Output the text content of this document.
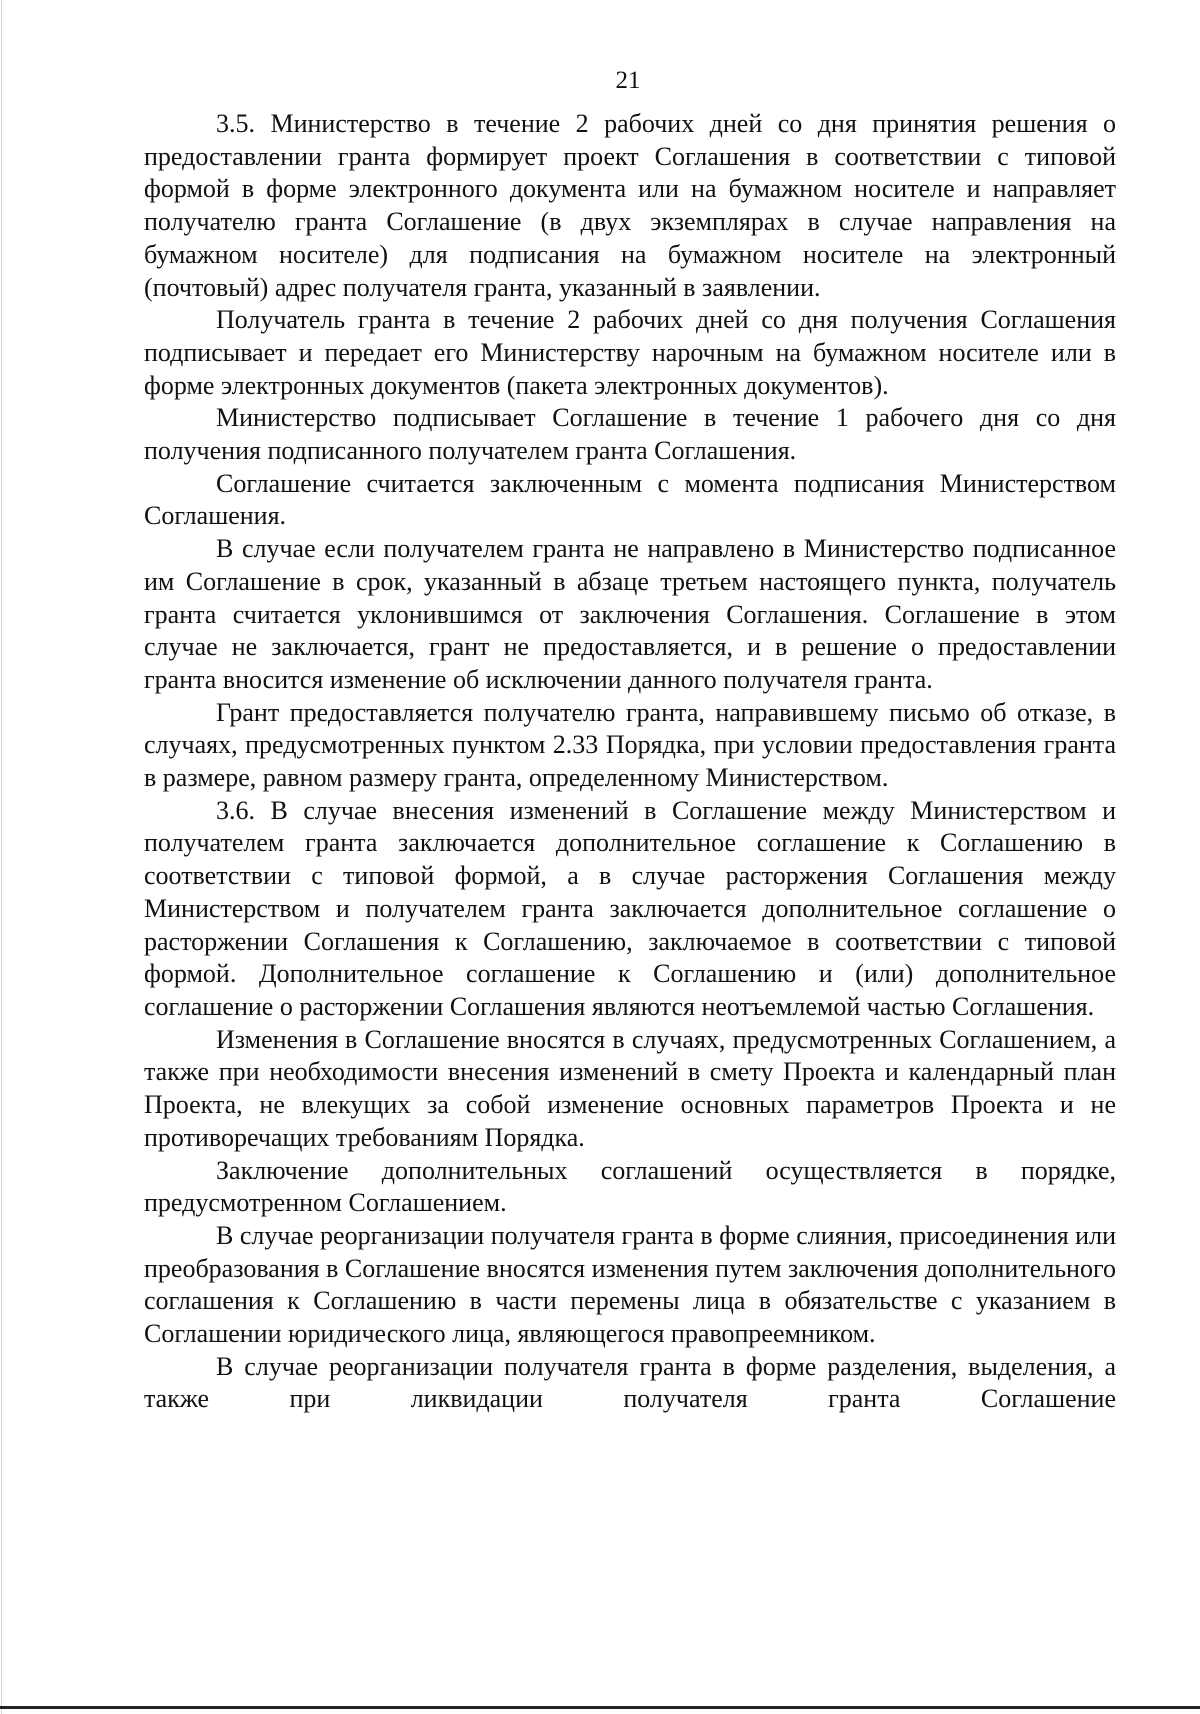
21

3.5. Министерство в течение 2 рабочих дней со дня принятия решения о предоставлении гранта формирует проект Соглашения в соответствии с типовой формой в форме электронного документа или на бумажном носителе и направляет получателю гранта Соглашение (в двух экземплярах в случае направления на бумажном носителе) для подписания на бумажном носителе на электронный (почтовый) адрес получателя гранта, указанный в заявлении.

Получатель гранта в течение 2 рабочих дней со дня получения Соглашения подписывает и передает его Министерству нарочным на бумажном носителе или в форме электронных документов (пакета электронных документов).

Министерство подписывает Соглашение в течение 1 рабочего дня со дня получения подписанного получателем гранта Соглашения.

Соглашение считается заключенным с момента подписания Министерством Соглашения.

В случае если получателем гранта не направлено в Министерство подписанное им Соглашение в срок, указанный в абзаце третьем настоящего пункта, получатель гранта считается уклонившимся от заключения Соглашения. Соглашение в этом случае не заключается, грант не предоставляется, и в решение о предоставлении гранта вносится изменение об исключении данного получателя гранта.

Грант предоставляется получателю гранта, направившему письмо об отказе, в случаях, предусмотренных пунктом 2.33 Порядка, при условии предоставления гранта в размере, равном размеру гранта, определенному Министерством.

3.6. В случае внесения изменений в Соглашение между Министерством и получателем гранта заключается дополнительное соглашение к Соглашению в соответствии с типовой формой, а в случае расторжения Соглашения между Министерством и получателем гранта заключается дополнительное соглашение о расторжении Соглашения к Соглашению, заключаемое в соответствии с типовой формой. Дополнительное соглашение к Соглашению и (или) дополнительное соглашение о расторжении Соглашения являются неотъемлемой частью Соглашения.

Изменения в Соглашение вносятся в случаях, предусмотренных Соглашением, а также при необходимости внесения изменений в смету Проекта и календарный план Проекта, не влекущих за собой изменение основных параметров Проекта и не противоречащих требованиям Порядка.

Заключение дополнительных соглашений осуществляется в порядке, предусмотренном Соглашением.

В случае реорганизации получателя гранта в форме слияния, присоединения или преобразования в Соглашение вносятся изменения путем заключения дополнительного соглашения к Соглашению в части перемены лица в обязательстве с указанием в Соглашении юридического лица, являющегося правопреемником.

В случае реорганизации получателя гранта в форме разделения, выделения, а также при ликвидации получателя гранта Соглашение
